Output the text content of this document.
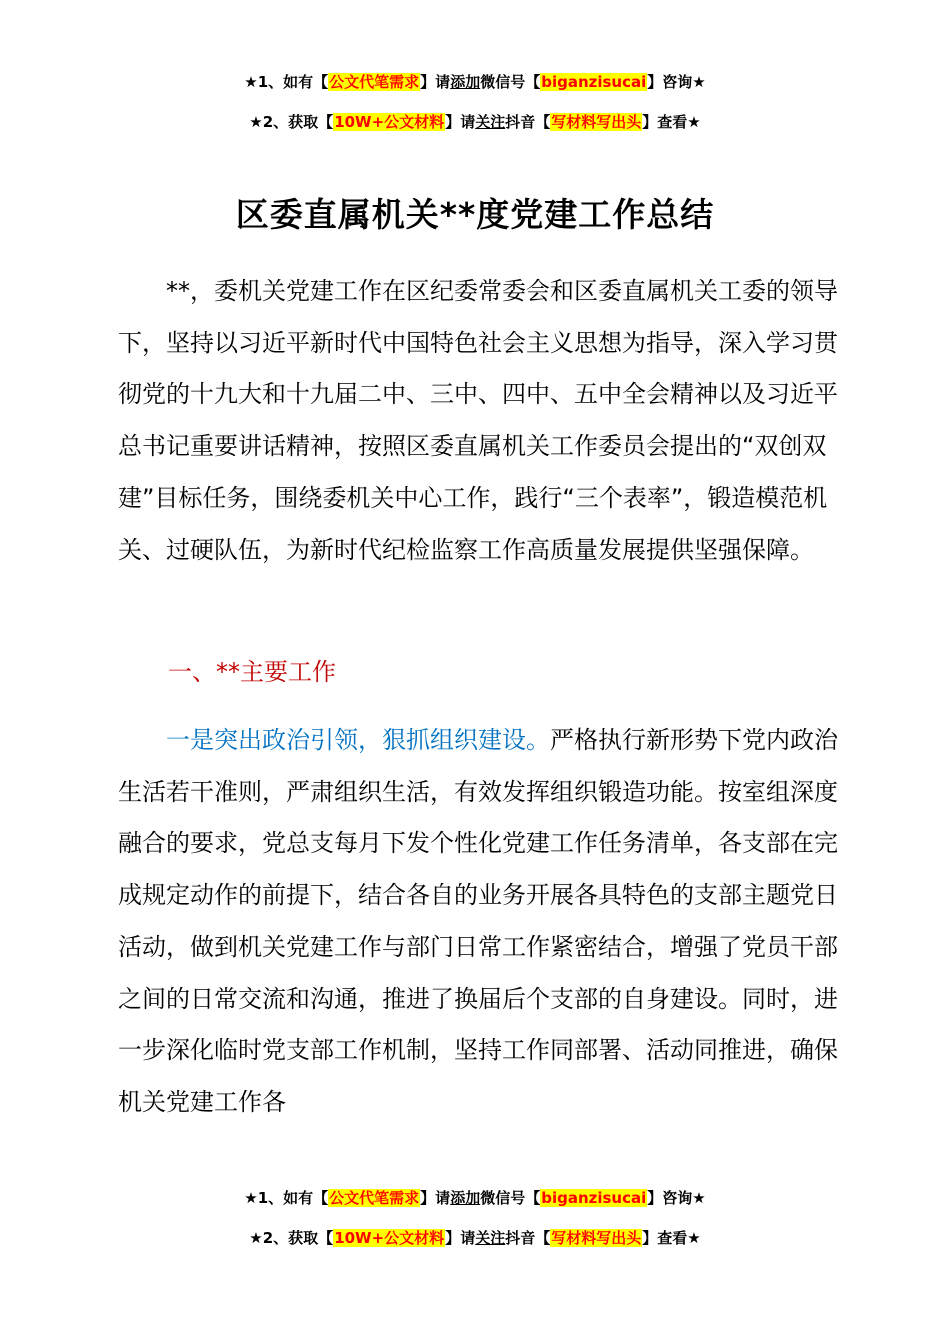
★1、如有【公文代笔需求】请添加微信号【biganzisucai】咨询★
★2、获取【10W+公文材料】请关注抖音【写材料写出头】查看★
区委直属机关**度党建工作总结

**，委机关党建工作在区纪委常委会和区委直属机关工委的领导下，坚持以习近平新时代中国特色社会主义思想为指导，深入学习贯彻党的十九大和十九届二中、三中、四中、五中全会精神以及习近平总书记重要讲话精神，按照区委直属机关工作委员会提出的“双创双建”目标任务，围绕委机关中心工作，践行“三个表率”，锻造模范机关、过硬队伍，为新时代纪检监察工作高质量发展提供坚强保障。

一、**主要工作

一是突出政治引领，狠抓组织建设。严格执行新形势下党内政治生活若干准则，严肃组织生活，有效发挥组织锻造功能。按室组深度融合的要求，党总支每月下发个性化党建工作任务清单，各支部在完成规定动作的前提下，结合各自的业务开展各具特色的支部主题党日活动，做到机关党建工作与部门日常工作紧密结合，增强了党员干部之间的日常交流和沟通，推进了换届后个支部的自身建设。同时，进一步深化临时党支部工作机制，坚持工作同部署、活动同推进，确保机关党建工作各

★1、如有【公文代笔需求】请添加微信号【biganzisucai】咨询★
★2、获取【10W+公文材料】请关注抖音【写材料写出头】查看★
